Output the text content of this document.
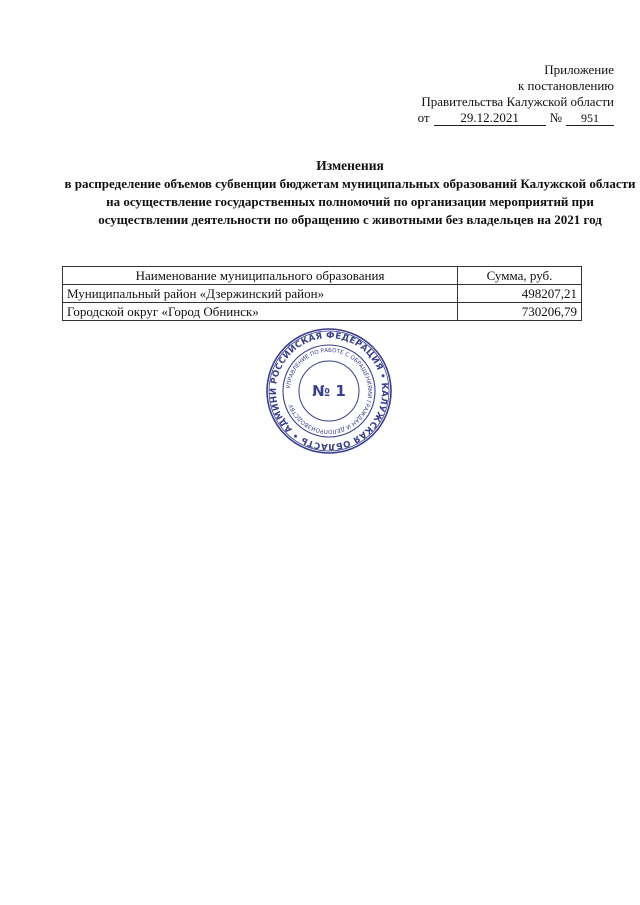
Приложение
к постановлению
Правительства Калужской области
от	29.12.2021	№	951
Изменения
в распределение объемов субвенции бюджетам муниципальных образований Калужской области на осуществление государственных полномочий по организации мероприятий при осуществлении деятельности по обращению с животными без владельцев на 2021 год
Наименование муниципального образования	Сумма, руб.
Муниципальный район «Дзержинский район»	498207,21
Городской округ «Город Обнинск»	730206,79
РОССИЙСКАЯ ФЕДЕРАЦИЯ • КАЛУЖСКАЯ ОБЛАСТЬ • АДМИНИ
УПРАВЛЕНИЕ ПО РАБОТЕ С ОБРАЩЕНИЯМИ ГРАЖДАН И ДЕЛОПРОИЗВОДСТВУ
№ 1
